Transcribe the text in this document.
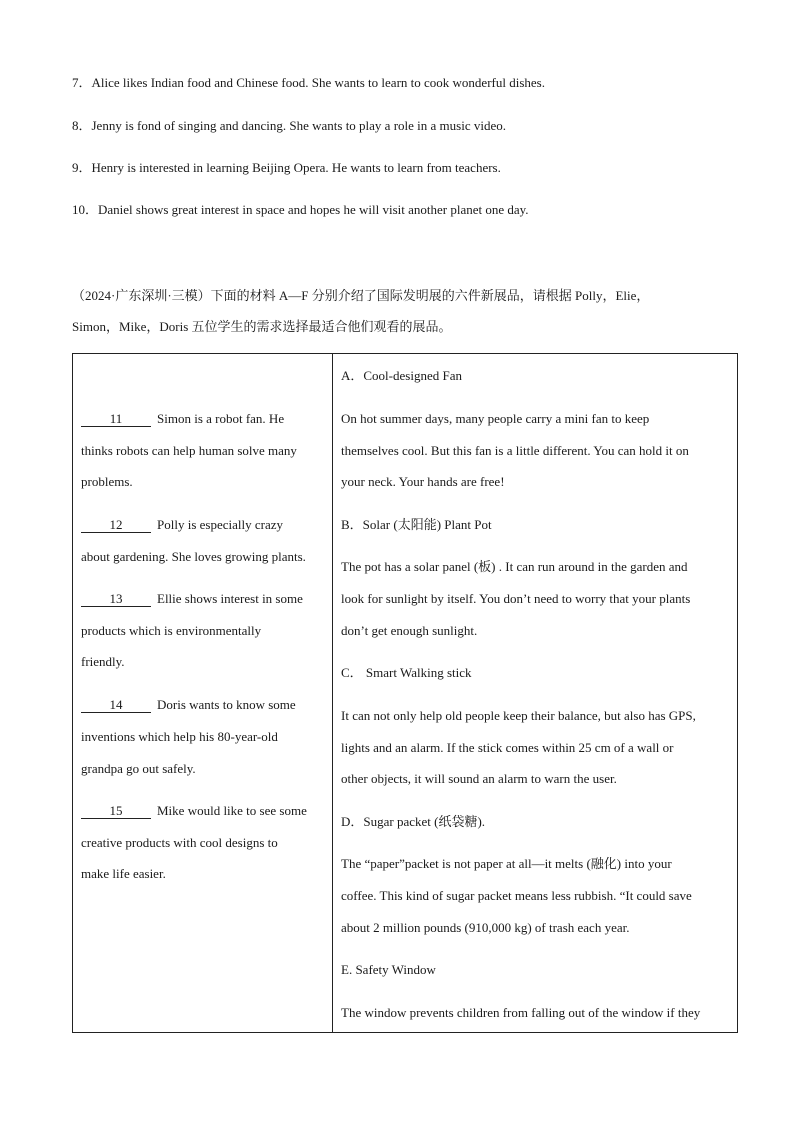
7．Alice likes Indian food and Chinese food. She wants to learn to cook wonderful dishes.
8．Jenny is fond of singing and dancing. She wants to play a role in a music video.
9．Henry is interested in learning Beijing Opera. He wants to learn from teachers.
10．Daniel shows great interest in space and hopes he will visit another planet one day.
（2024·广东深圳·三模）下面的材料 A—F 分别介绍了国际发明展的六件新展品，请根据 Polly，Elie，
Simon，Mike，Doris 五位学生的需求选择最适合他们观看的展品。
11	Simon is a robot fan. He
thinks robots can help human solve many
problems.
12	Polly is especially crazy
about gardening. She loves growing plants.
13	Ellie shows interest in some
products which is environmentally
friendly.
14	Doris wants to know some
inventions which help his 80-year-old
grandpa go out safely.
15	Mike would like to see some
creative products with cool designs to
make life easier.

A．Cool-designed Fan
On hot summer days, many people carry a mini fan to keep
themselves cool. But this fan is a little different. You can hold it on
your neck. Your hands are free!
B．Solar (太阳能) Plant Pot
The pot has a solar panel (板) . It can run around in the garden and
look for sunlight by itself. You don’t need to worry that your plants
don’t get enough sunlight.
C． Smart Walking stick
It can not only help old people keep their balance, but also has GPS,
lights and an alarm. If the stick comes within 25 cm of a wall or
other objects, it will sound an alarm to warn the user.
D．Sugar packet (纸袋糖).
The “paper”packet is not paper at all—it melts (融化) into your
coffee. This kind of sugar packet means less rubbish. “It could save
about 2 million pounds (910,000 kg) of trash each year.
E. Safety Window
The window prevents children from falling out of the window if they
